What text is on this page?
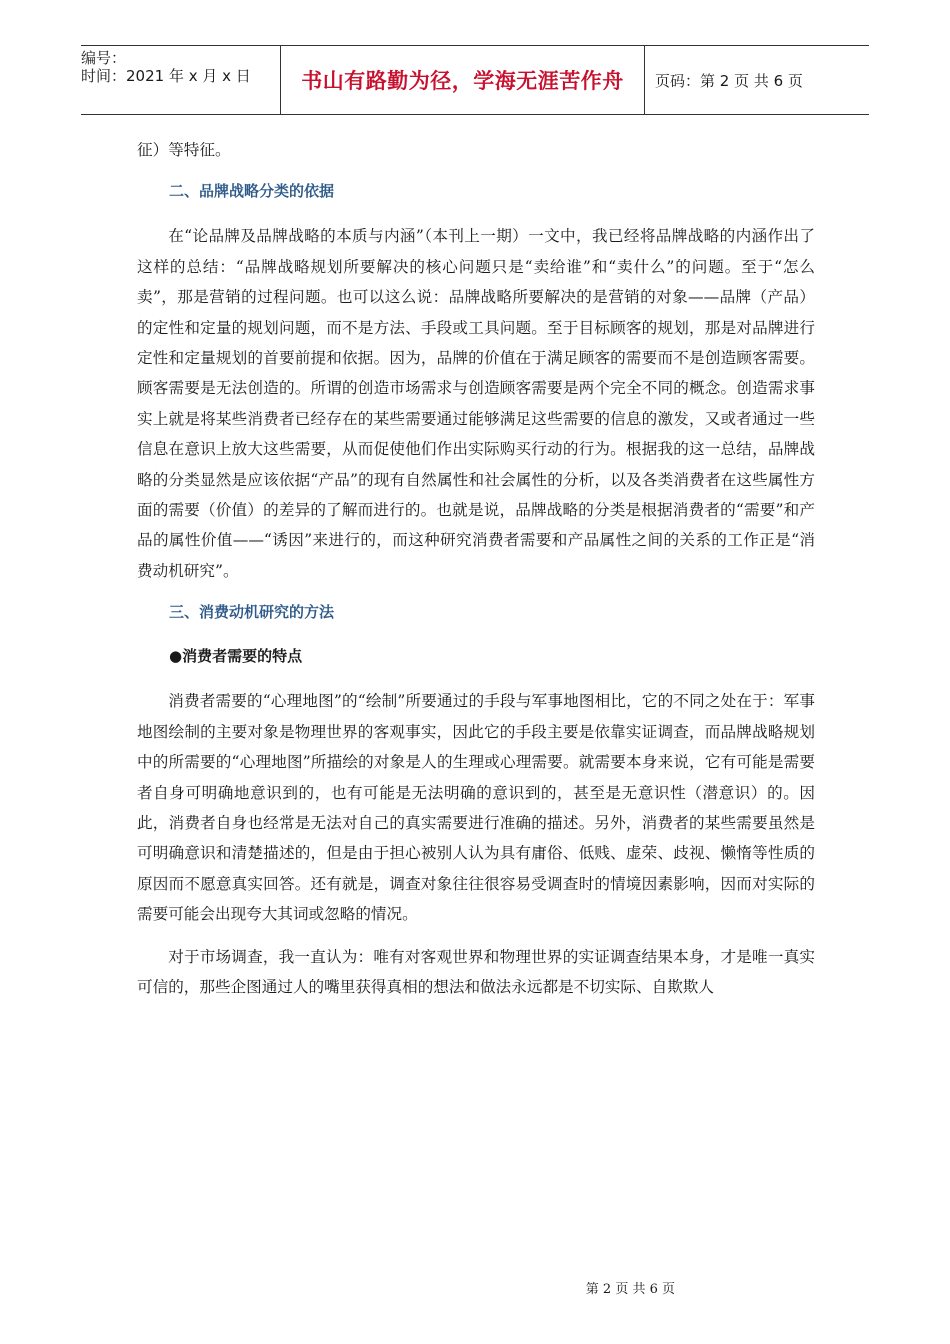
编号：
时间：2021 年 x 月 x 日	书山有路勤为径，学海无涯苦作舟	页码：第 2 页 共 6 页

征）等特征。

二、品牌战略分类的依据

在“论品牌及品牌战略的本质与内涵”（本刊上一期）一文中，我已经将品牌战略的内涵作出了这样的总结：“品牌战略规划所要解决的核心问题只是“卖给谁”和“卖什么”的问题。至于“怎么卖”，那是营销的过程问题。也可以这么说：品牌战略所要解决的是营销的对象——品牌（产品）的定性和定量的规划问题，而不是方法、手段或工具问题。至于目标顾客的规划，那是对品牌进行定性和定量规划的首要前提和依据。因为，品牌的价值在于满足顾客的需要而不是创造顾客需要。顾客需要是无法创造的。所谓的创造市场需求与创造顾客需要是两个完全不同的概念。创造需求事实上就是将某些消费者已经存在的某些需要通过能够满足这些需要的信息的激发，又或者通过一些信息在意识上放大这些需要，从而促使他们作出实际购买行动的行为。根据我的这一总结，品牌战略的分类显然是应该依据“产品”的现有自然属性和社会属性的分析，以及各类消费者在这些属性方面的需要（价值）的差异的了解而进行的。也就是说，品牌战略的分类是根据消费者的“需要”和产品的属性价值——“诱因”来进行的，而这种研究消费者需要和产品属性之间的关系的工作正是“消费动机研究”。

三、消费动机研究的方法
●消费者需要的特点

消费者需要的“心理地图”的“绘制”所要通过的手段与军事地图相比，它的不同之处在于：军事地图绘制的主要对象是物理世界的客观事实，因此它的手段主要是依靠实证调查，而品牌战略规划中的所需要的“心理地图”所描绘的对象是人的生理或心理需要。就需要本身来说，它有可能是需要者自身可明确地意识到的，也有可能是无法明确的意识到的，甚至是无意识性（潜意识）的。因此，消费者自身也经常是无法对自己的真实需要进行准确的描述。另外，消费者的某些需要虽然是可明确意识和清楚描述的，但是由于担心被别人认为具有庸俗、低贱、虚荣、歧视、懒惰等性质的原因而不愿意真实回答。还有就是，调查对象往往很容易受调查时的情境因素影响，因而对实际的需要可能会出现夸大其词或忽略的情况。

对于市场调查，我一直认为：唯有对客观世界和物理世界的实证调查结果本身，才是唯一真实可信的，那些企图通过人的嘴里获得真相的想法和做法永远都是不切实际、自欺欺人

第 2 页 共 6 页
